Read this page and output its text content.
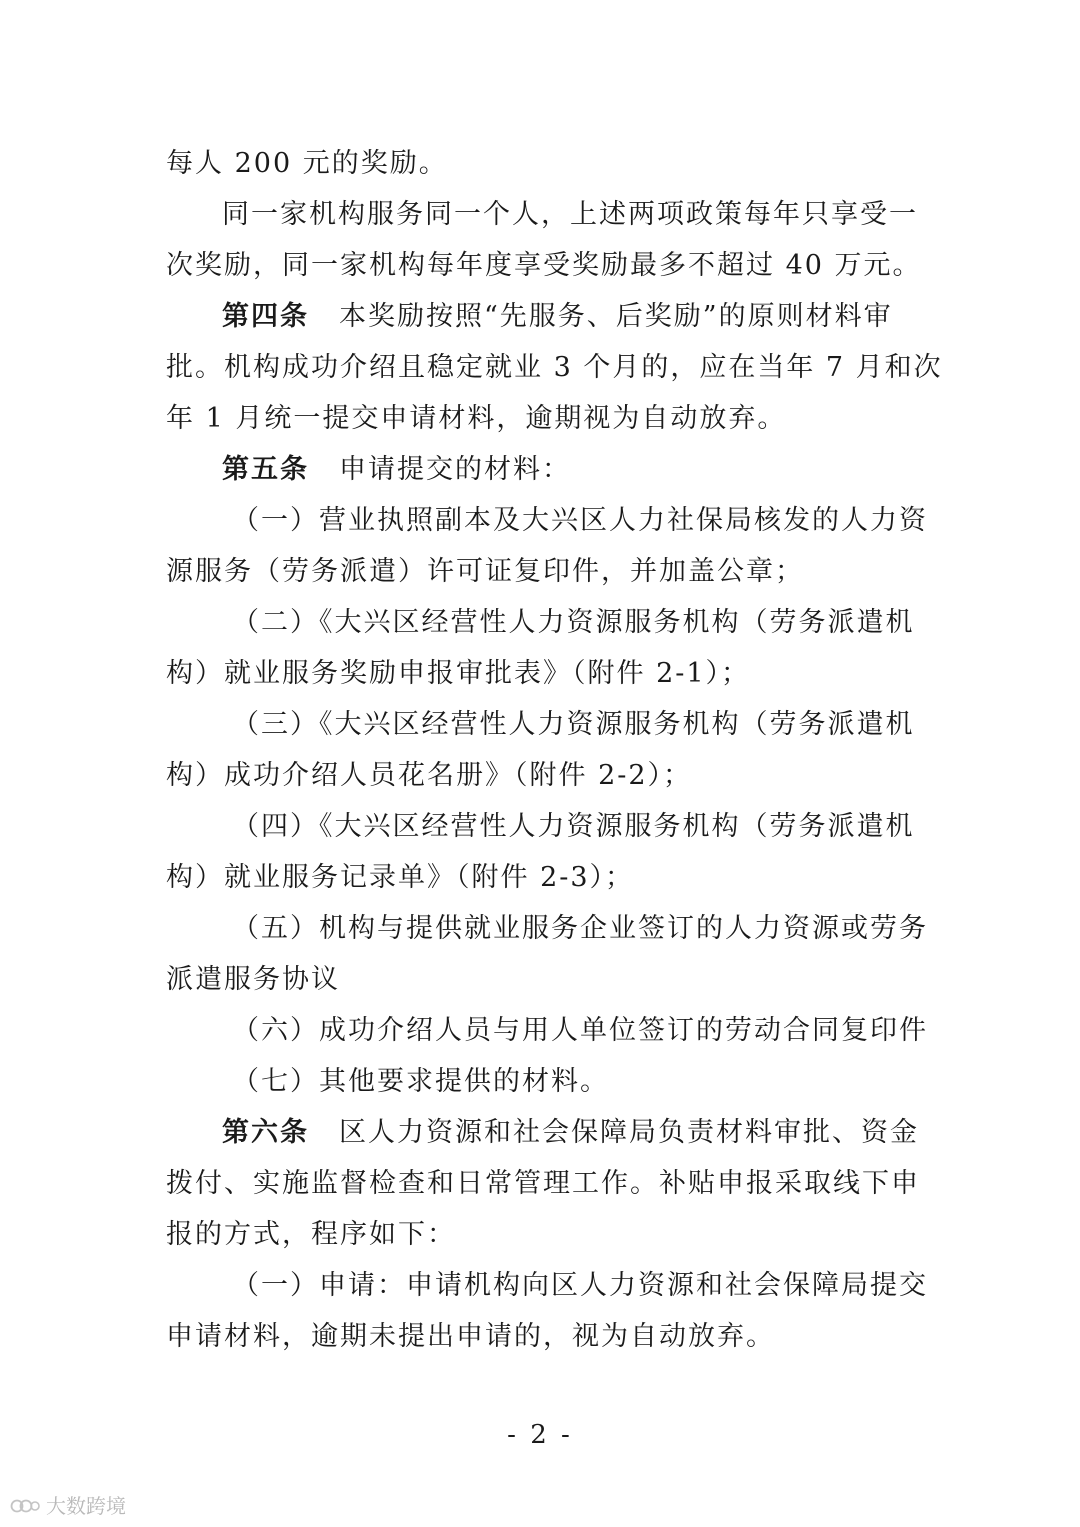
每人 200 元的奖励。
同一家机构服务同一个人，上述两项政策每年只享受一
次奖励，同一家机构每年度享受奖励最多不超过 40 万元。
第四条 本奖励按照“先服务、后奖励”的原则材料审
批。机构成功介绍且稳定就业 3 个月的，应在当年 7 月和次
年 1 月统一提交申请材料，逾期视为自动放弃。
第五条 申请提交的材料：
（一）营业执照副本及大兴区人力社保局核发的人力资
源服务（劳务派遣）许可证复印件，并加盖公章；
（二）《大兴区经营性人力资源服务机构（劳务派遣机
构）就业服务奖励申报审批表》（附件 2-1）；
（三）《大兴区经营性人力资源服务机构（劳务派遣机
构）成功介绍人员花名册》（附件 2-2）；
（四）《大兴区经营性人力资源服务机构（劳务派遣机
构）就业服务记录单》（附件 2-3）；
（五）机构与提供就业服务企业签订的人力资源或劳务
派遣服务协议
（六）成功介绍人员与用人单位签订的劳动合同复印件
（七）其他要求提供的材料。
第六条 区人力资源和社会保障局负责材料审批、资金
拨付、实施监督检查和日常管理工作。补贴申报采取线下申
报的方式，程序如下：
（一）申请：申请机构向区人力资源和社会保障局提交
申请材料，逾期未提出申请的，视为自动放弃。
- 2 -
大数跨境
